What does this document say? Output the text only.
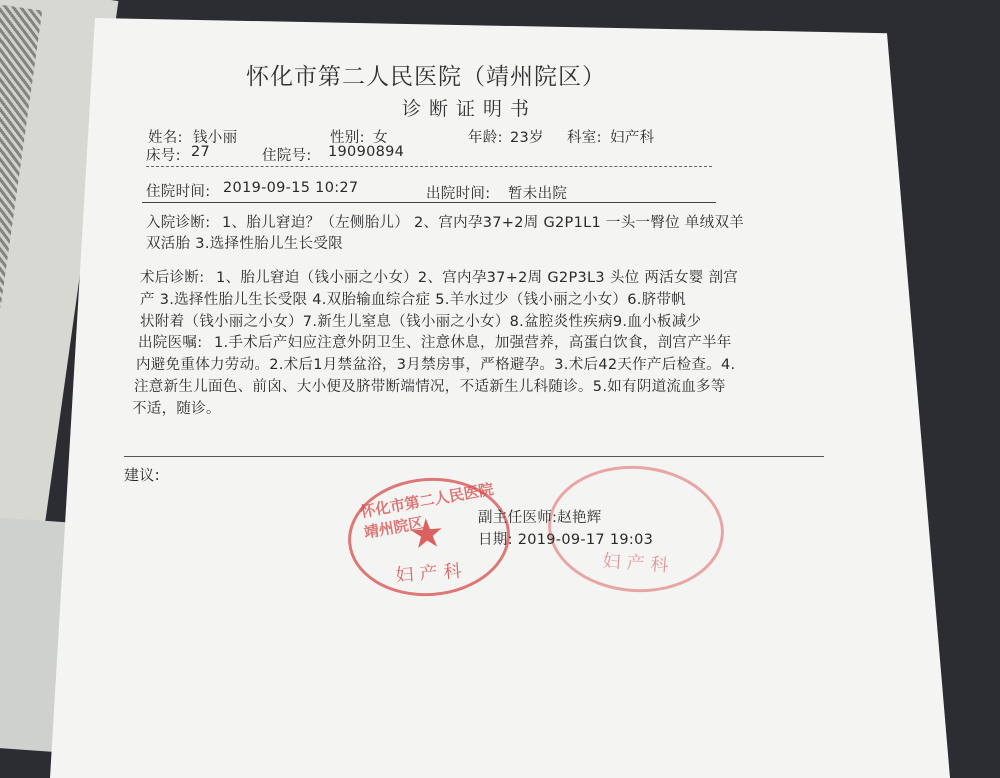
怀化市第二人民医院（靖州院区）
诊断证明书
姓名: 钱小丽	性别: 女	年龄: 23岁 科室: 妇产科
床号: 27	住院号: 19090894
住院时间: 2019-09-15 10:27	出院时间: 暂未出院
入院诊断: 1、胎儿窘迫？（左侧胎儿） 2、宫内孕37+2周 G2P1L1 一头一臀位 单绒双羊
双活胎 3.选择性胎儿生长受限
术后诊断: 1、胎儿窘迫（钱小丽之小女）2、宫内孕37+2周 G2P3L3 头位 两活女婴 剖宫
产 3.选择性胎儿生长受限 4.双胎输血综合症 5.羊水过少（钱小丽之小女）6.脐带帆
状附着（钱小丽之小女）7.新生儿窒息（钱小丽之小女）8.盆腔炎性疾病9.血小板减少
出院医嘱: 1.手术后产妇应注意外阴卫生、注意休息，加强营养，高蛋白饮食，剖宫产半年
内避免重体力劳动。2.术后1月禁盆浴，3月禁房事，严格避孕。3.术后42天作产后检查。4.
注意新生儿面色、前囟、大小便及脐带断端情况，不适新生儿科随诊。5.如有阴道流血多等
不适，随诊。
建议:
怀化市第二人民医院靖州院区
★
妇产科	妇产科
副主任医师:赵艳辉
日期: 2019-09-17 19:03
